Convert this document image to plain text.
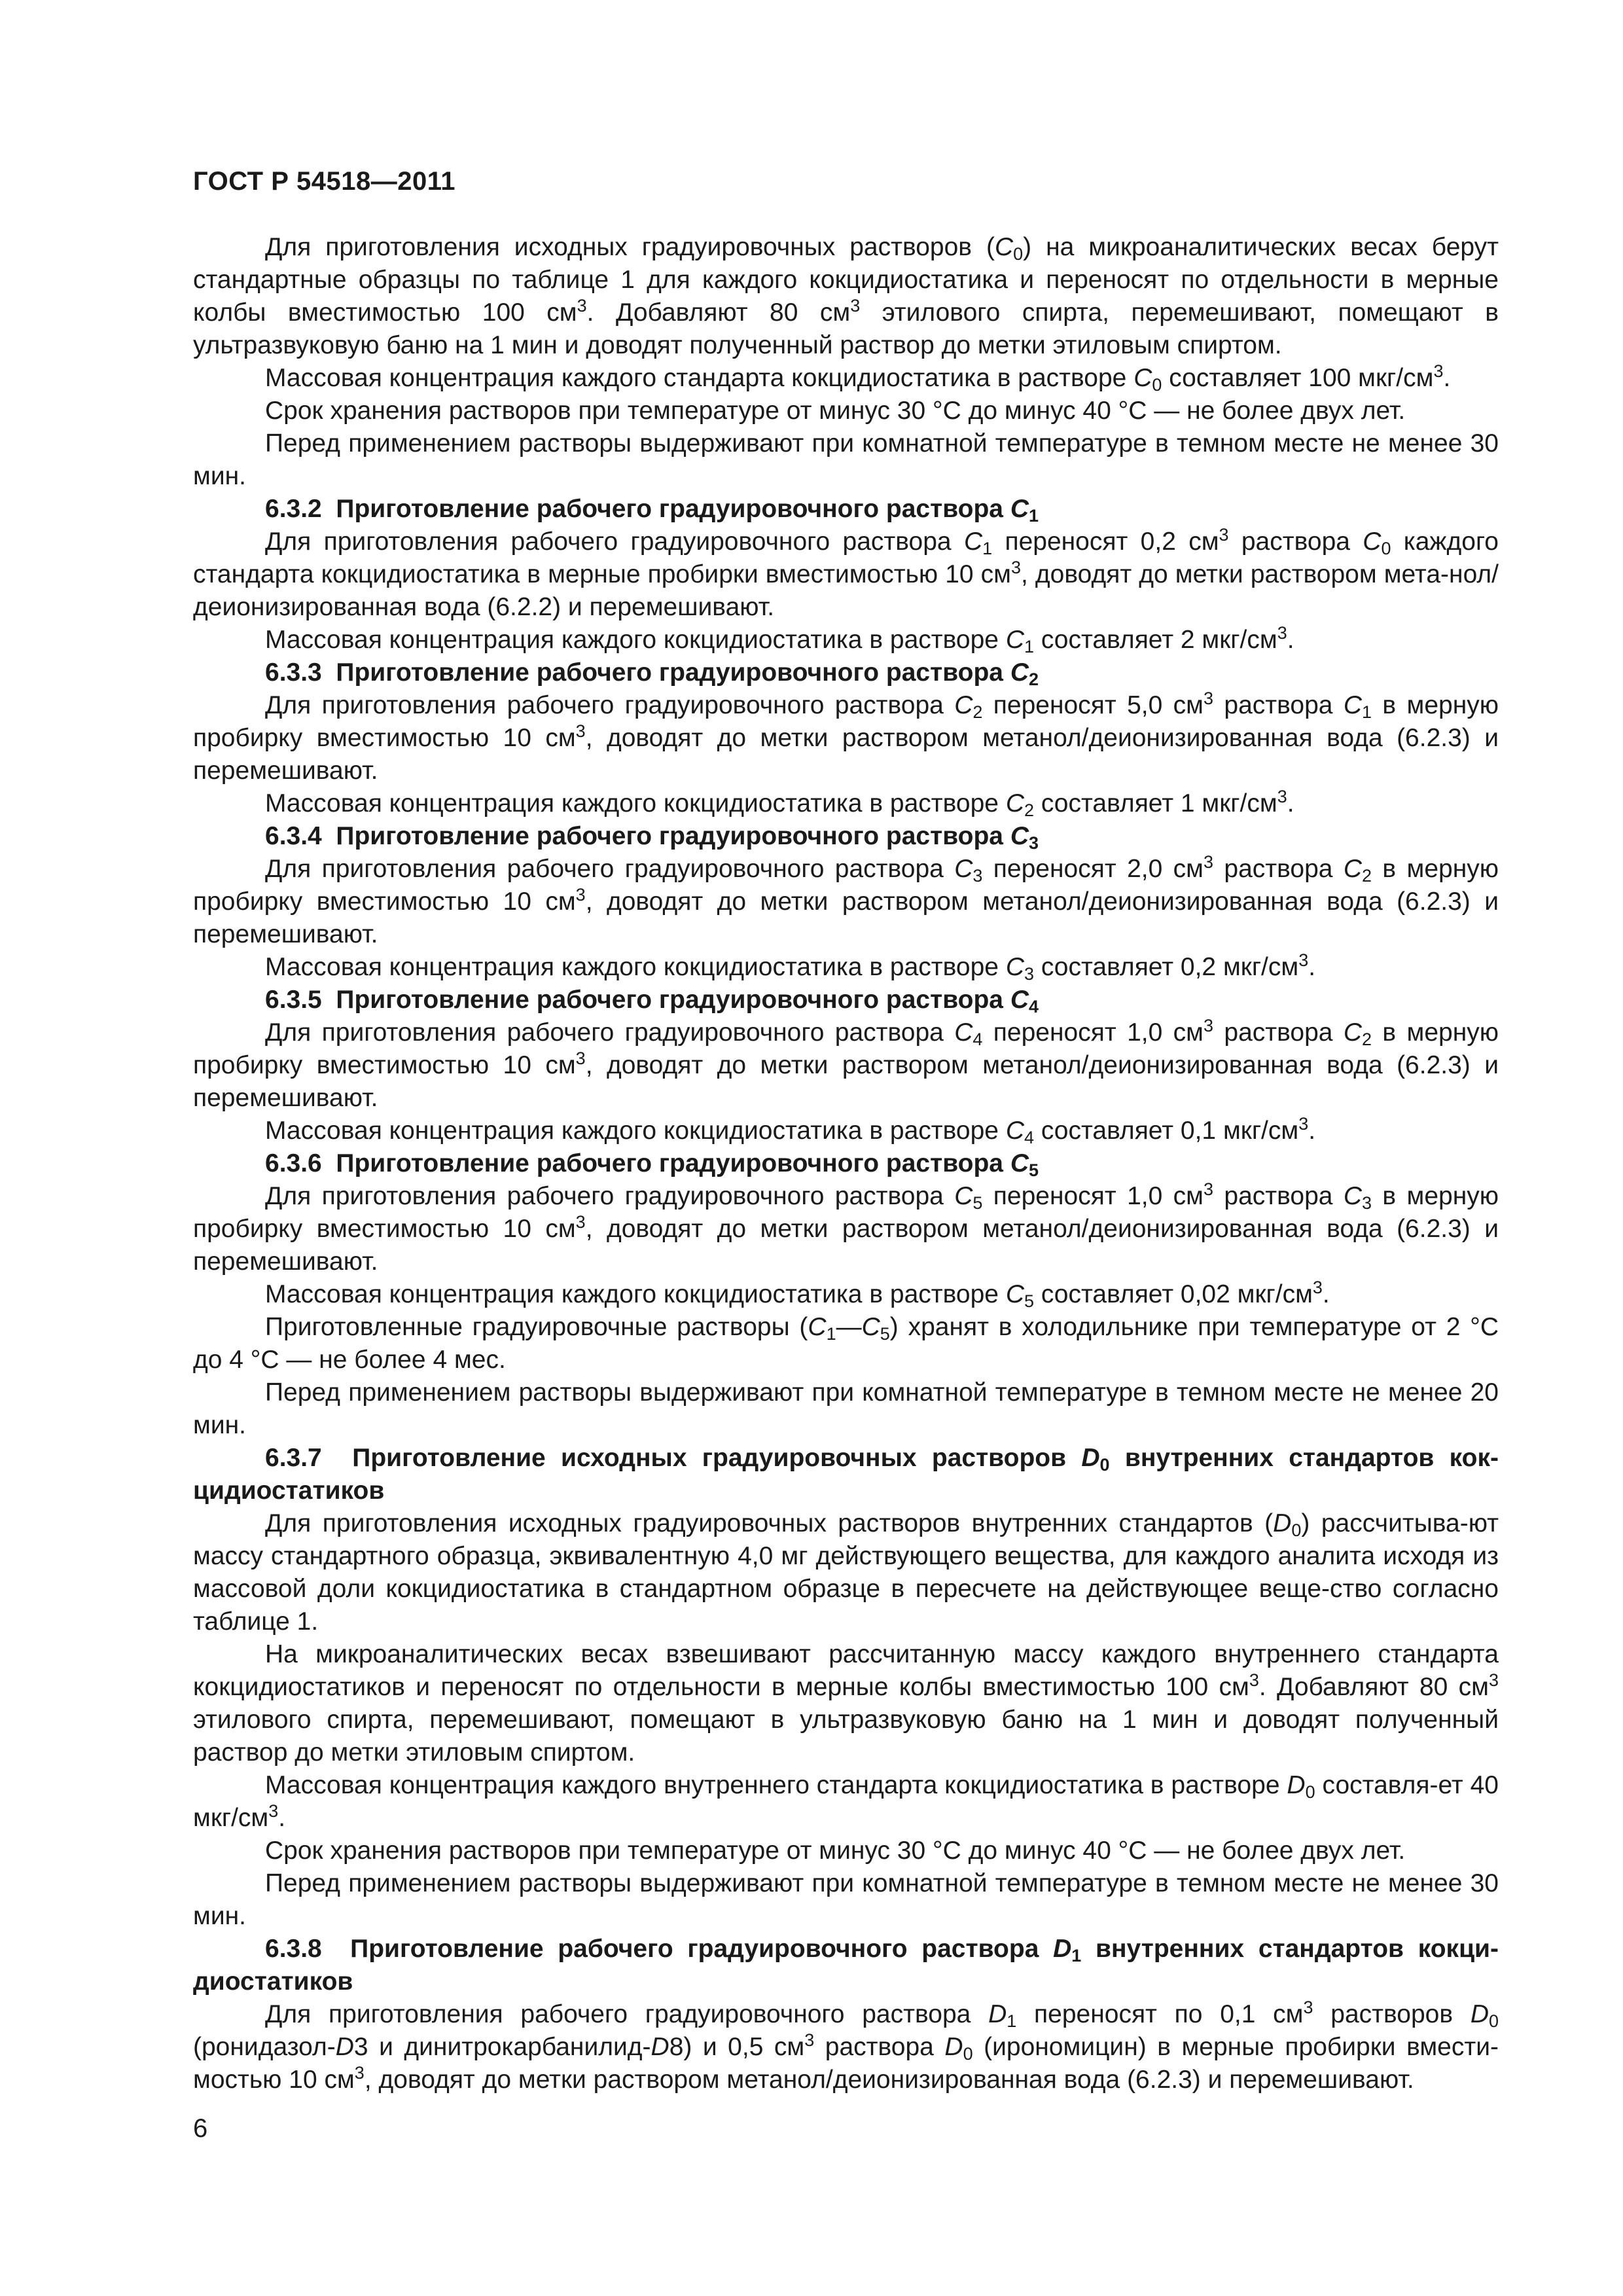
ГОСТ Р 54518—2011

Для приготовления исходных градуировочных растворов $(C_0)$ на микроаналитических весах берут стандартные образцы по таблице 1 для каждого кокцидиостатика и переносят по отдельности в мерные колбы вместимостью 100 $см^3$. Добавляют 80 $см^3$ этилового спирта, перемешивают, помещают в ультразвуковую баню на 1 мин и доводят полученный раствор до метки этиловым спиртом.

Массовая концентрация каждого стандарта кокцидиостатика в растворе $C_0$ составляет 100 мкг/$см^3$.

Срок хранения растворов при температуре от минус 30 °С до минус 40 °С — не более двух лет.

Перед применением растворы выдерживают при комнатной температуре в темном месте не менее 30 мин.

6.3.2  Приготовление рабочего градуировочного раствора $C_1$

Для приготовления рабочего градуировочного раствора $C_1$ переносят 0,2 $см^3$ раствора $C_0$ каждого стандарта кокцидиостатика в мерные пробирки вместимостью 10 $см^3$, доводят до метки раствором мета-нол/деионизированная вода (6.2.2) и перемешивают.

Массовая концентрация каждого кокцидиостатика в растворе $C_1$ составляет 2 мкг/$см^3$.

6.3.3  Приготовление рабочего градуировочного раствора $C_2$

Для приготовления рабочего градуировочного раствора $C_2$ переносят 5,0 $см^3$ раствора $C_1$ в мерную пробирку вместимостью 10 $см^3$, доводят до метки раствором метанол/деионизированная вода (6.2.3) и перемешивают.

Массовая концентрация каждого кокцидиостатика в растворе $C_2$ составляет 1 мкг/$см^3$.

6.3.4  Приготовление рабочего градуировочного раствора $C_3$

Для приготовления рабочего градуировочного раствора $C_3$ переносят 2,0 $см^3$ раствора $C_2$ в мерную пробирку вместимостью 10 $см^3$, доводят до метки раствором метанол/деионизированная вода (6.2.3) и перемешивают.

Массовая концентрация каждого кокцидиостатика в растворе $C_3$ составляет 0,2 мкг/$см^3$.

6.3.5  Приготовление рабочего градуировочного раствора $C_4$

Для приготовления рабочего градуировочного раствора $C_4$ переносят 1,0 $см^3$ раствора $C_2$ в мерную пробирку вместимостью 10 $см^3$, доводят до метки раствором метанол/деионизированная вода (6.2.3) и перемешивают.

Массовая концентрация каждого кокцидиостатика в растворе $C_4$ составляет 0,1 мкг/$см^3$.

6.3.6  Приготовление рабочего градуировочного раствора $C_5$

Для приготовления рабочего градуировочного раствора $C_5$ переносят 1,0 $см^3$ раствора $C_3$ в мерную пробирку вместимостью 10 $см^3$, доводят до метки раствором метанол/деионизированная вода (6.2.3) и перемешивают.

Массовая концентрация каждого кокцидиостатика в растворе $C_5$ составляет 0,02 мкг/$см^3$.

Приготовленные градуировочные растворы $(C_1—C_5)$ хранят в холодильнике при температуре от 2 °С до 4 °С — не более 4 мес.

Перед применением растворы выдерживают при комнатной температуре в темном месте не менее 20 мин.

6.3.7  Приготовление исходных градуировочных растворов $D_0$ внутренних стандартов кок-цидиостатиков

Для приготовления исходных градуировочных растворов внутренних стандартов $(D_0)$ рассчитыва-ют массу стандартного образца, эквивалентную 4,0 мг действующего вещества, для каждого аналита исходя из массовой доли кокцидиостатика в стандартном образце в пересчете на действующее веще-ство согласно таблице 1.

На микроаналитических весах взвешивают рассчитанную массу каждого внутреннего стандарта кокцидиостатиков и переносят по отдельности в мерные колбы вместимостью 100 $см^3$. Добавляют 80 $см^3$ этилового спирта, перемешивают, помещают в ультразвуковую баню на 1 мин и доводят полученный раствор до метки этиловым спиртом.

Массовая концентрация каждого внутреннего стандарта кокцидиостатика в растворе $D_0$ составля-ет 40 мкг/$см^3$.

Срок хранения растворов при температуре от минус 30 °С до минус 40 °С — не более двух лет.

Перед применением растворы выдерживают при комнатной температуре в темном месте не менее 30 мин.

6.3.8  Приготовление рабочего градуировочного раствора $D_1$ внутренних стандартов кокци-диостатиков

Для приготовления рабочего градуировочного раствора $D_1$ переносят по 0,1 $см^3$ растворов $D_0$ (ронидазол-D3 и динитрокарбанилид-D8) и 0,5 $см^3$ раствора $D_0$ (ирономицин) в мерные пробирки вмести-мостью 10 $см^3$, доводят до метки раствором метанол/деионизированная вода (6.2.3) и перемешивают.

6
